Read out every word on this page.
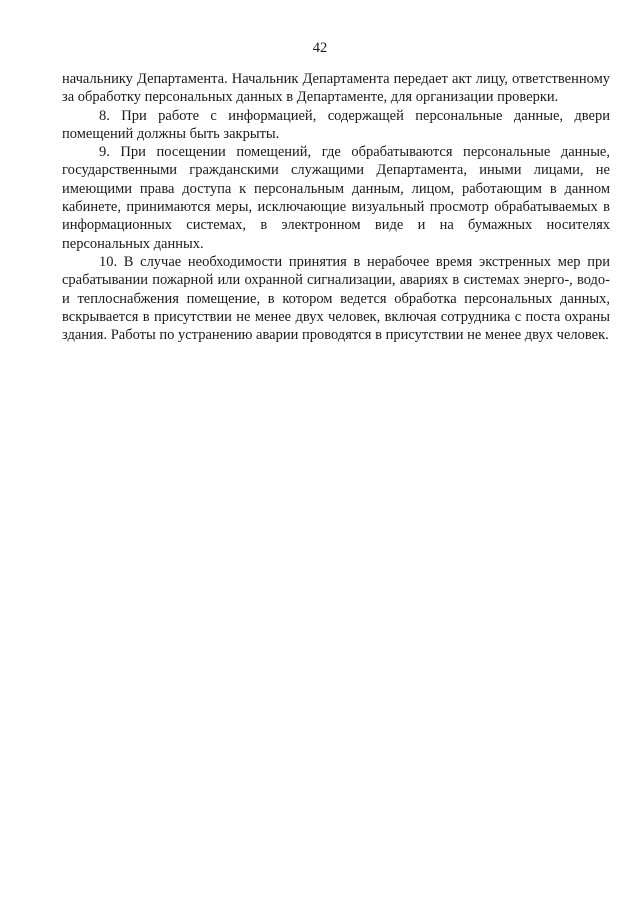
42

начальнику Департамента. Начальник Департамента передает акт лицу, ответственному за обработку персональных данных в Департаменте, для организации проверки.

8. При работе с информацией, содержащей персональные данные, двери помещений должны быть закрыты.

9. При посещении помещений, где обрабатываются персональные данные, государственными гражданскими служащими Департамента, иными лицами, не имеющими права доступа к персональным данным, лицом, работающим в данном кабинете, принимаются меры, исключающие визуальный просмотр обрабатываемых в информационных системах, в электронном виде и на бумажных носителях персональных данных.

10. В случае необходимости принятия в нерабочее время экстренных мер при срабатывании пожарной или охранной сигнализации, авариях в системах энерго-, водо- и теплоснабжения помещение, в котором ведется обработка персональных данных, вскрывается в присутствии не менее двух человек, включая сотрудника с поста охраны здания. Работы по устранению аварии проводятся в присутствии не менее двух человек.
